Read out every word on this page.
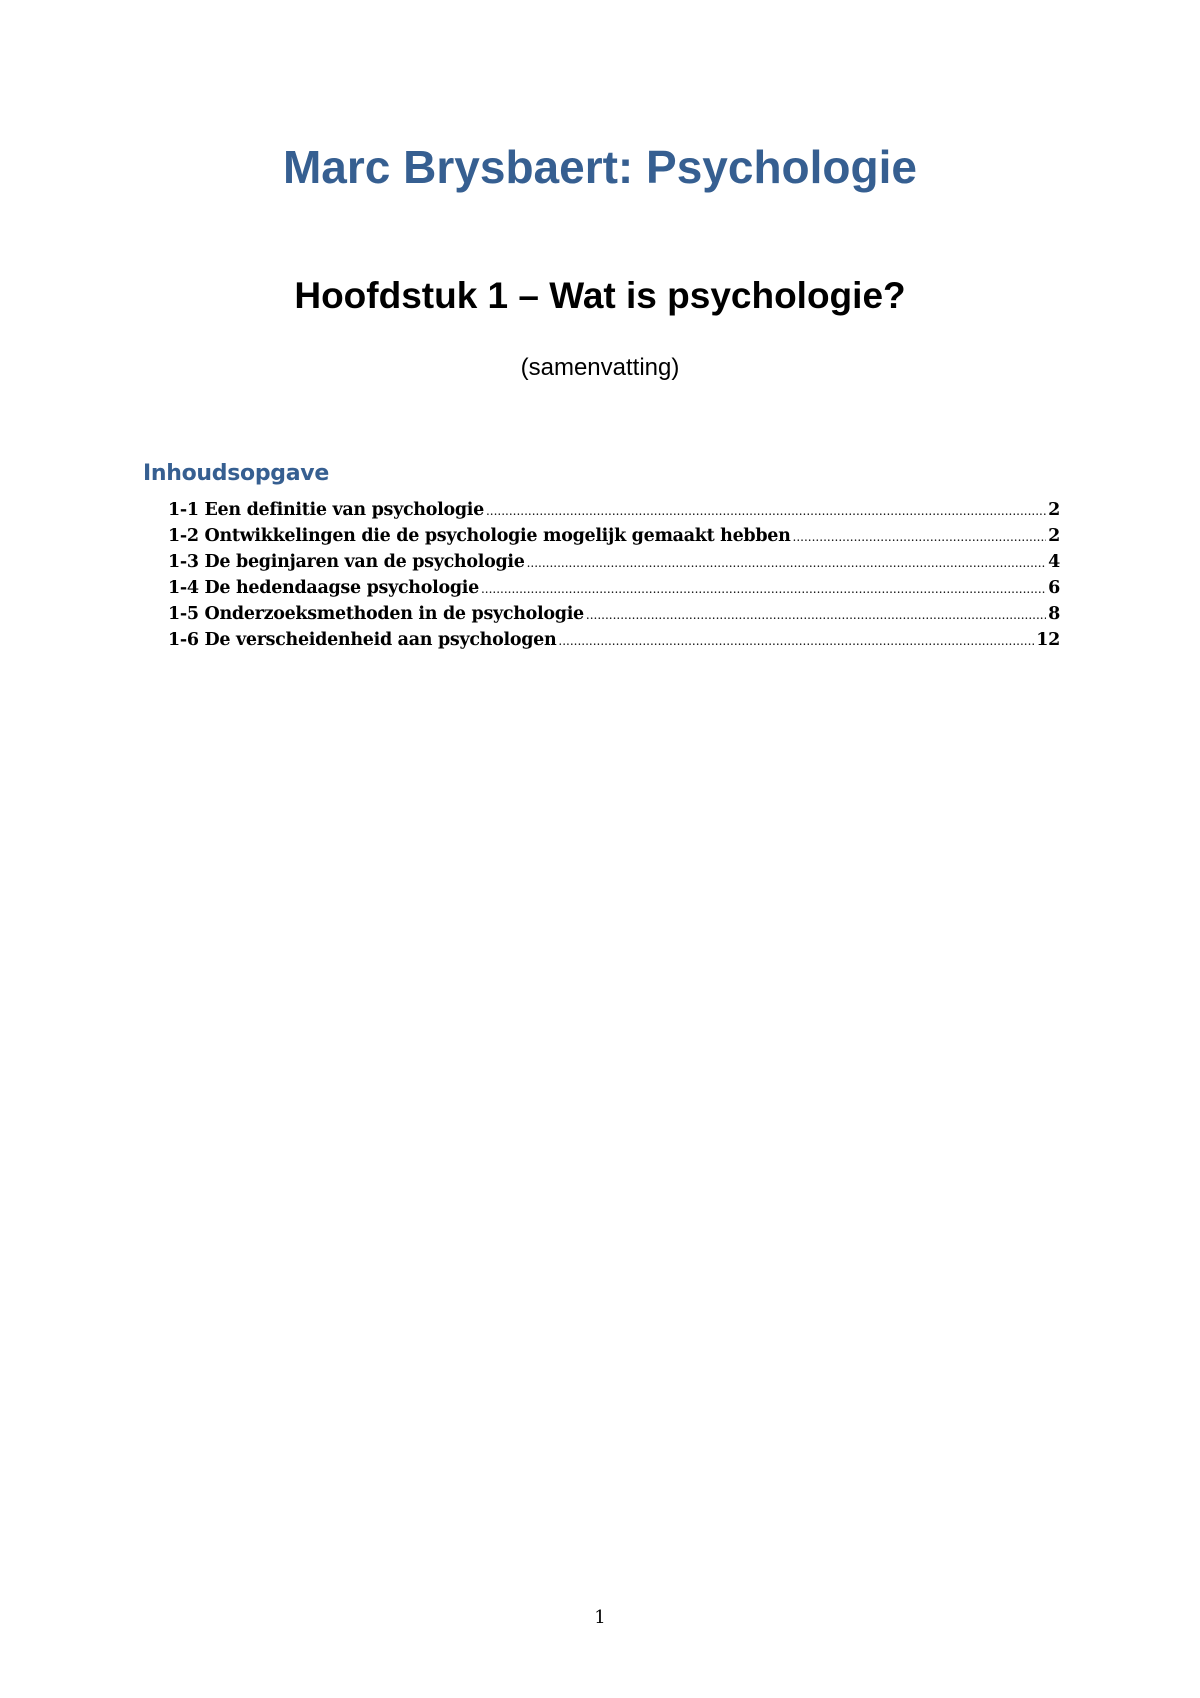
Marc Brysbaert: Psychologie
Hoofdstuk 1 – Wat is psychologie?

(samenvatting)

Inhoudsopgave
1-1 Een definitie van psychologie .....	2
1-2 Ontwikkelingen die de psychologie mogelijk gemaakt hebben .....	2
1-3 De beginjaren van de psychologie .....	4
1-4 De hedendaagse psychologie .....	6
1-5 Onderzoeksmethoden in de psychologie .....	8
1-6 De verscheidenheid aan psychologen .....	12
1
